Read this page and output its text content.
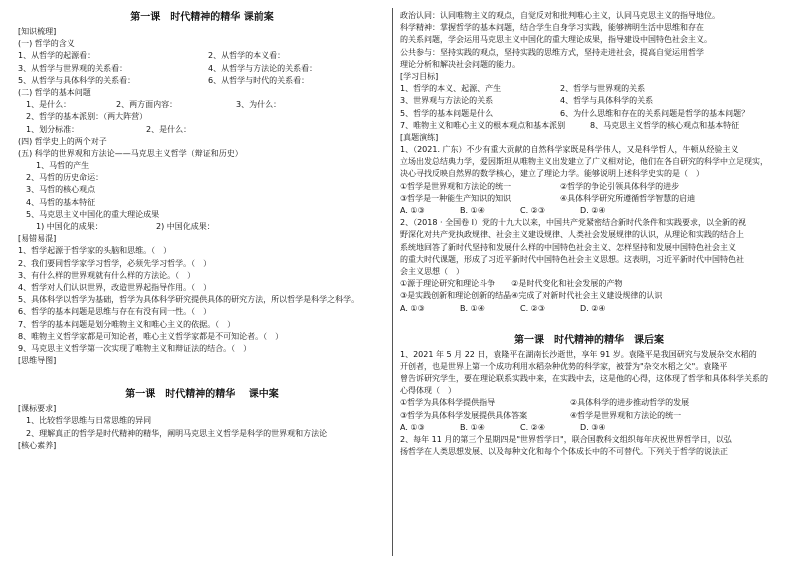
第一课　时代精神的精华 课前案
[知识梳理]
(一) 哲学的含义
1、从哲学的起源看：	2、从哲学的本义看：
3、从哲学与世界观的关系看：	4、从哲学与方法论的关系看：
5、从哲学与具体科学的关系看：	6、从哲学与时代的关系看：
(二) 哲学的基本问题
1、是什么：	2、两方面内容：	3、为什么：
2、哲学的基本派别：（两大阵营）
1、划分标准：	2、是什么：
(四) 哲学史上的两个对子
(五) 科学的世界观和方法论——马克思主义哲学（辩证和历史）
1、马哲的产生
2、马哲的历史命运：
3、马哲的核心观点
4、马哲的基本特征
5、马克思主义中国化的重大理论成果
1) 中国化的成果：	2) 中国化成果：
[易错易混]
1、哲学起源于哲学家的头脑和思维。（　）
2、我们要同哲学家学习哲学，必须先学习哲学。（　）
3、有什么样的世界观就有什么样的方法论。（　）
4、哲学对人们认识世界，改造世界起指导作用。（　）
5、具体科学以哲学为基础，哲学为具体科学研究提供具体的研究方法，所以哲学是科学之科学。
6、哲学的基本问题是思维与存在有没有同一性。（　）
7、哲学的基本问题是划分唯物主义和唯心主义的依据。（　）
8、唯物主义哲学家都是可知论者，唯心主义哲学家都是不可知论者。（　）
9、马克思主义哲学第一次实现了唯物主义和辩证法的结合。（　）
[思维导图]
第一课　时代精神的精华　 课中案
[课标要求]
1、比较哲学思维与日常思维的异同
2、理解真正的哲学是时代精神的精华，阐明马克思主义哲学是科学的世界观和方法论
[核心素养]
政治认同：认同唯物主义的观点，自觉反对和批判唯心主义，认同马克思主义的指导地位。
科学精神：掌握哲学的基本问题，结合学生自身学习实践，能够辨明生活中思维和存在
的关系问题，学会运用马克思主义中国化的重大理论成果，指导建设中国特色社会主义。
公共参与：坚持实践的观点，坚持实践的思维方式，坚持走进社会，提高自觉运用哲学
理论分析和解决社会问题的能力。
[学习目标]
1、哲学的本义、起源、产生	2、哲学与世界观的关系
3、世界观与方法论的关系	4、哲学与具体科学的关系
5、哲学的基本问题是什么	6、为什么思维和存在的关系问题是哲学的基本问题？
7、唯物主义和唯心主义的根本观点和基本派别	8、马克思主义哲学的核心观点和基本特征
[真题演练]
1、（2021. 广东）不少有重大贡献的自然科学家既是科学伟人，又是科学哲人，牛顿从经验主义
立场出发总结典力学，爱因斯坦从唯物主义出发建立了广义相对论，他们在各自研究的科学中立足现实，
决心寻找反映自然界的数学核心，建立了理论力学。能够说明上述科学史实的是（　）
①哲学是世界观和方法论的统一	②哲学的争论引领具体科学的进步
③哲学是一种能生产知识的知识	④具体科学研究所遵循哲学智慧的启迪
A. ①③	B. ①④	C. ②③	D. ②④
2、（2018 · 全国卷 I）党的十九大以来，中国共产党紧密结合新时代条件和实践要求，以全新的视
野深化对共产党执政规律、社会主义建设规律、人类社会发展规律的认识，从理论和实践的结合上
系统地回答了新时代坚持和发展什么样的中国特色社会主义、怎样坚持和发展中国特色社会主义
的重大时代课题，形成了习近平新时代中国特色社会主义思想。这表明，习近平新时代中国特色社
会主义思想（　）
①源于理论研究和理论斗争　　②是时代变化和社会发展的产物
③是实践创新和理论创新的结晶④完成了对新时代社会主义建设规律的认识
A. ①③	B. ①④	C. ②③	D. ②④
第一课　时代精神的精华　课后案
1、2021 年 5 月 22 日，袁隆平在湖南长沙逝世，享年 91 岁。袁隆平是我国研究与发展杂交水稻的
开创者，也是世界上第一个成功利用水稻杂种优势的科学家，被誉为"杂交水稻之父"。袁隆平
曾告诉研究学生，要在理论联系实践中来，在实践中去，这是他的心得，这体现了哲学和具体科学关系的
心得体现（　）
①哲学为具体科学提供指导	②具体科学的进步推动哲学的发展
③哲学为具体科学发展提供具体答案	④哲学是世界观和方法论的统一
A. ①③	B. ①④	C. ②④	D. ③④
2、每年 11 月的第三个星期四是"世界哲学日"，联合国教科文组织每年庆祝世界哲学日，以弘
扬哲学在人类思想发展、以及每种文化和每个个体成长中的不可替代。下列关于哲学的说法正
